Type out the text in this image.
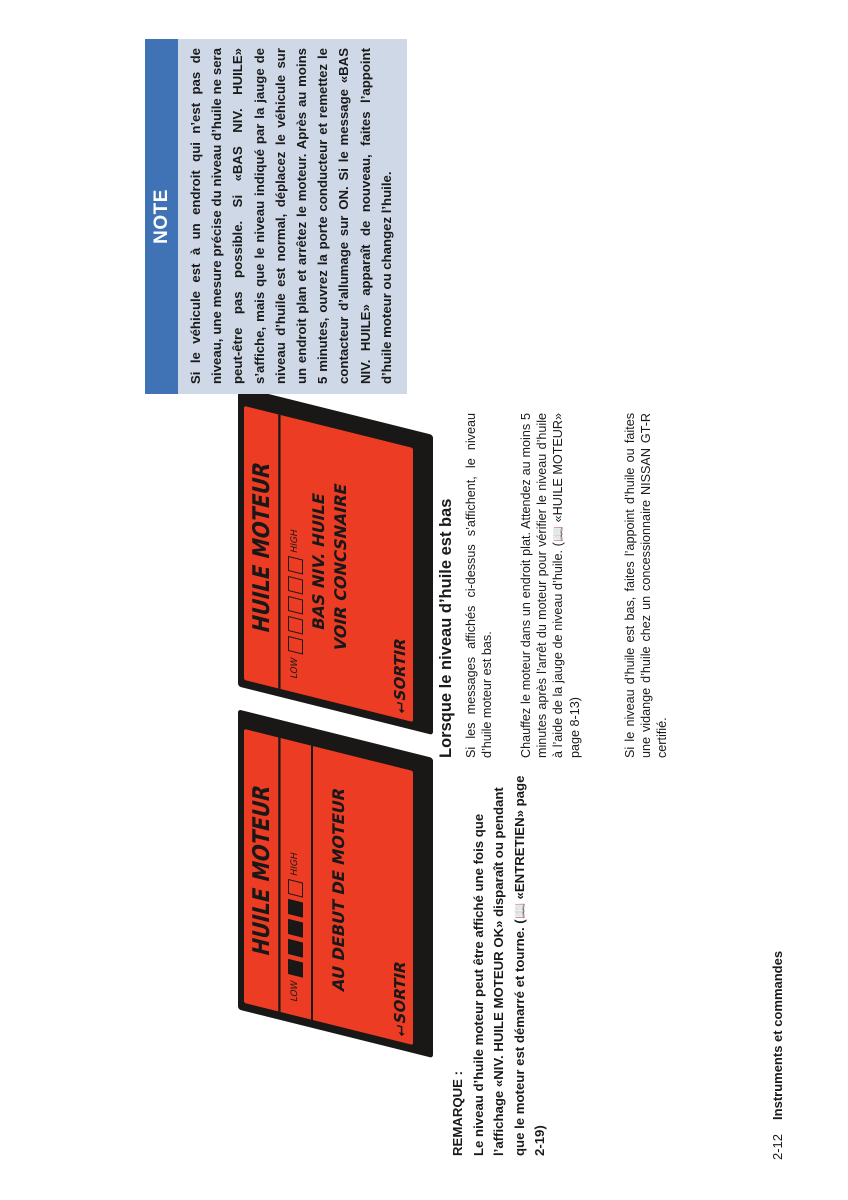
HUILE MOTEUR
LOW
HIGH AU DEBUT DE MOTEUR
⮠SORTIR
HUILE MOTEUR
LOW
HIGH BAS NIV. HUILE VOIR CONCSNAIRE
⮠SORTIR
REMARQUE : Le niveau d’huile moteur peut être affiché une fois que l’affichage «NIV. HUILE MOTEUR OK» disparaît ou pendant que le moteur est démarré et tourne. (📖 «ENTRETIEN» page 2-19)
Lorsque le niveau d’huile est bas Si les messages affichés ci-dessus s’affichent, le niveau d’huile moteur est bas. Chauffez le moteur dans un endroit plat. Attendez au moins 5 minutes après l’arrêt du moteur pour vérifier le niveau d’huile à l’aide de la jauge de niveau d’huile. (📖 «HUILE MOTEUR» page 8-13)	Si le niveau d’huile est bas, faites l’appoint d’huile ou faites une vidange d’huile chez un concessionnaire NISSAN GT-R certifié.
NOTE	Si le véhicule est à un endroit qui n’est pas de niveau, une mesure précise du niveau d’huile ne sera peut-être pas possible. Si «BAS NIV. HUILE» s’affiche, mais que le niveau indiqué par la jauge de niveau d’huile est normal, déplacez le véhicule sur un endroit plan et arrêtez le moteur. Après au moins 5 minutes, ouvrez la porte conducteur et remettez le contacteur d’allumage sur ON. Si le message «BAS NIV. HUILE» apparaît de nouveau, faites l’appoint d’huile moteur ou changez l’huile.
2-12Instruments et commandes
